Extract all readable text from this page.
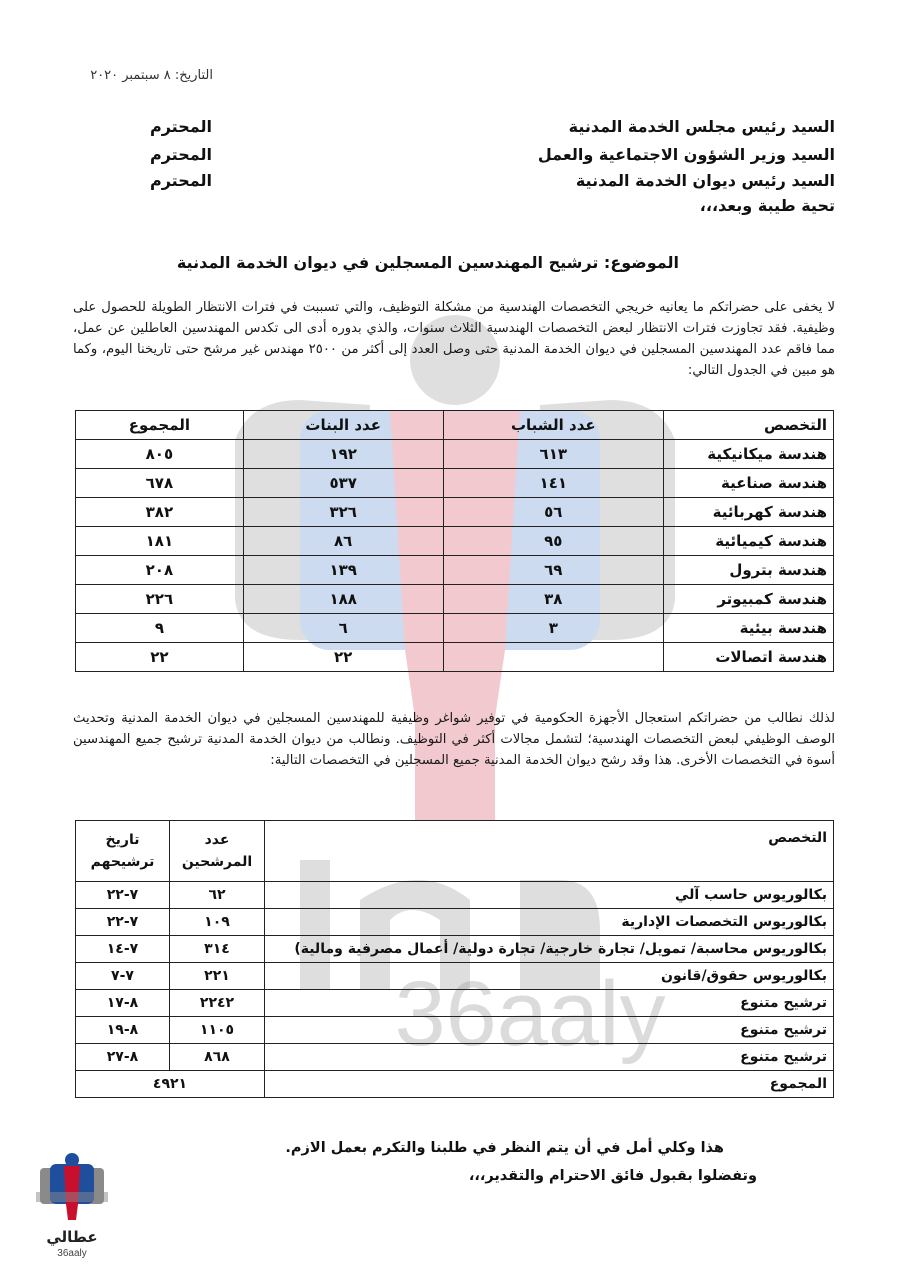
36aaly
التاريخ: ٨ سبتمبر ٢٠٢٠
السيد رئيس مجلس الخدمة المدنية
المحترم
السيد وزير الشؤون الاجتماعية والعمل
المحترم
السيد رئيس ديوان الخدمة المدنية
المحترم
تحية طيبة وبعد،،،
الموضوع: ترشيح المهندسين المسجلين في ديوان الخدمة المدنية
لا يخفى على حضراتكم ما يعانيه خريجي التخصصات الهندسية من مشكلة التوظيف، والتي تسببت في فترات الانتظار الطويلة للحصول على وظيفية. فقد تجاوزت فترات الانتظار لبعض التخصصات الهندسية الثلاث سنوات، والذي بدوره أدى الى تكدس المهندسين العاطلين عن عمل، مما فاقم عدد المهندسين المسجلين في ديوان الخدمة المدنية حتى وصل العدد إلى أكثر من ٢٥٠٠ مهندس غير مرشح حتى تاريخنا اليوم، وكما هو مبين في الجدول التالي:
التخصص	عدد الشباب	عدد البنات	المجموع
هندسة ميكانيكية	٦١٣	١٩٢	٨٠٥
هندسة صناعية	١٤١	٥٣٧	٦٧٨
هندسة كهربائية	٥٦	٣٢٦	٣٨٢
هندسة كيميائية	٩٥	٨٦	١٨١
هندسة بترول	٦٩	١٣٩	٢٠٨
هندسة كمبيوتر	٣٨	١٨٨	٢٢٦
هندسة بيئية	٣	٦	٩
هندسة اتصالات		٢٢	٢٢
لذلك نطالب من حضراتكم استعجال الأجهزة الحكومية في توفير شواغر وظيفية للمهندسين المسجلين في ديوان الخدمة المدنية وتحديث الوصف الوظيفي لبعض التخصصات الهندسية؛ لتشمل مجالات أكثر في التوظيف. ونطالب من ديوان الخدمة المدنية ترشيح جميع المهندسين أسوة في التخصصات الأخرى. هذا وقد رشح ديوان الخدمة المدنية جميع المسجلين في التخصصات التالية:
التخصص	عدد المرشحين	تاريخ ترشيحهم
بكالوريوس حاسب آلي	٦٢	٧-٢٢
بكالوريوس التخصصات الإدارية	١٠٩	٧-٢٢
بكالوريوس محاسبة/ تمويل/ تجارة خارجية/ تجارة دولية/ أعمال مصرفية ومالية)	٣١٤	٧-١٤
بكالوريوس حقوق/قانون	٢٢١	٧-٧
ترشيح متنوع	٢٢٤٢	٨-١٧
ترشيح متنوع	١١٠٥	٨-١٩
ترشيح متنوع	٨٦٨	٨-٢٧
المجموع	٤٩٢١	
هذا وكلي أمل في أن يتم النظر في طلبنا والتكرم بعمل الازم.
وتفضلوا بقبول فائق الاحترام والتقدير،،،
عطالي
36aaly
